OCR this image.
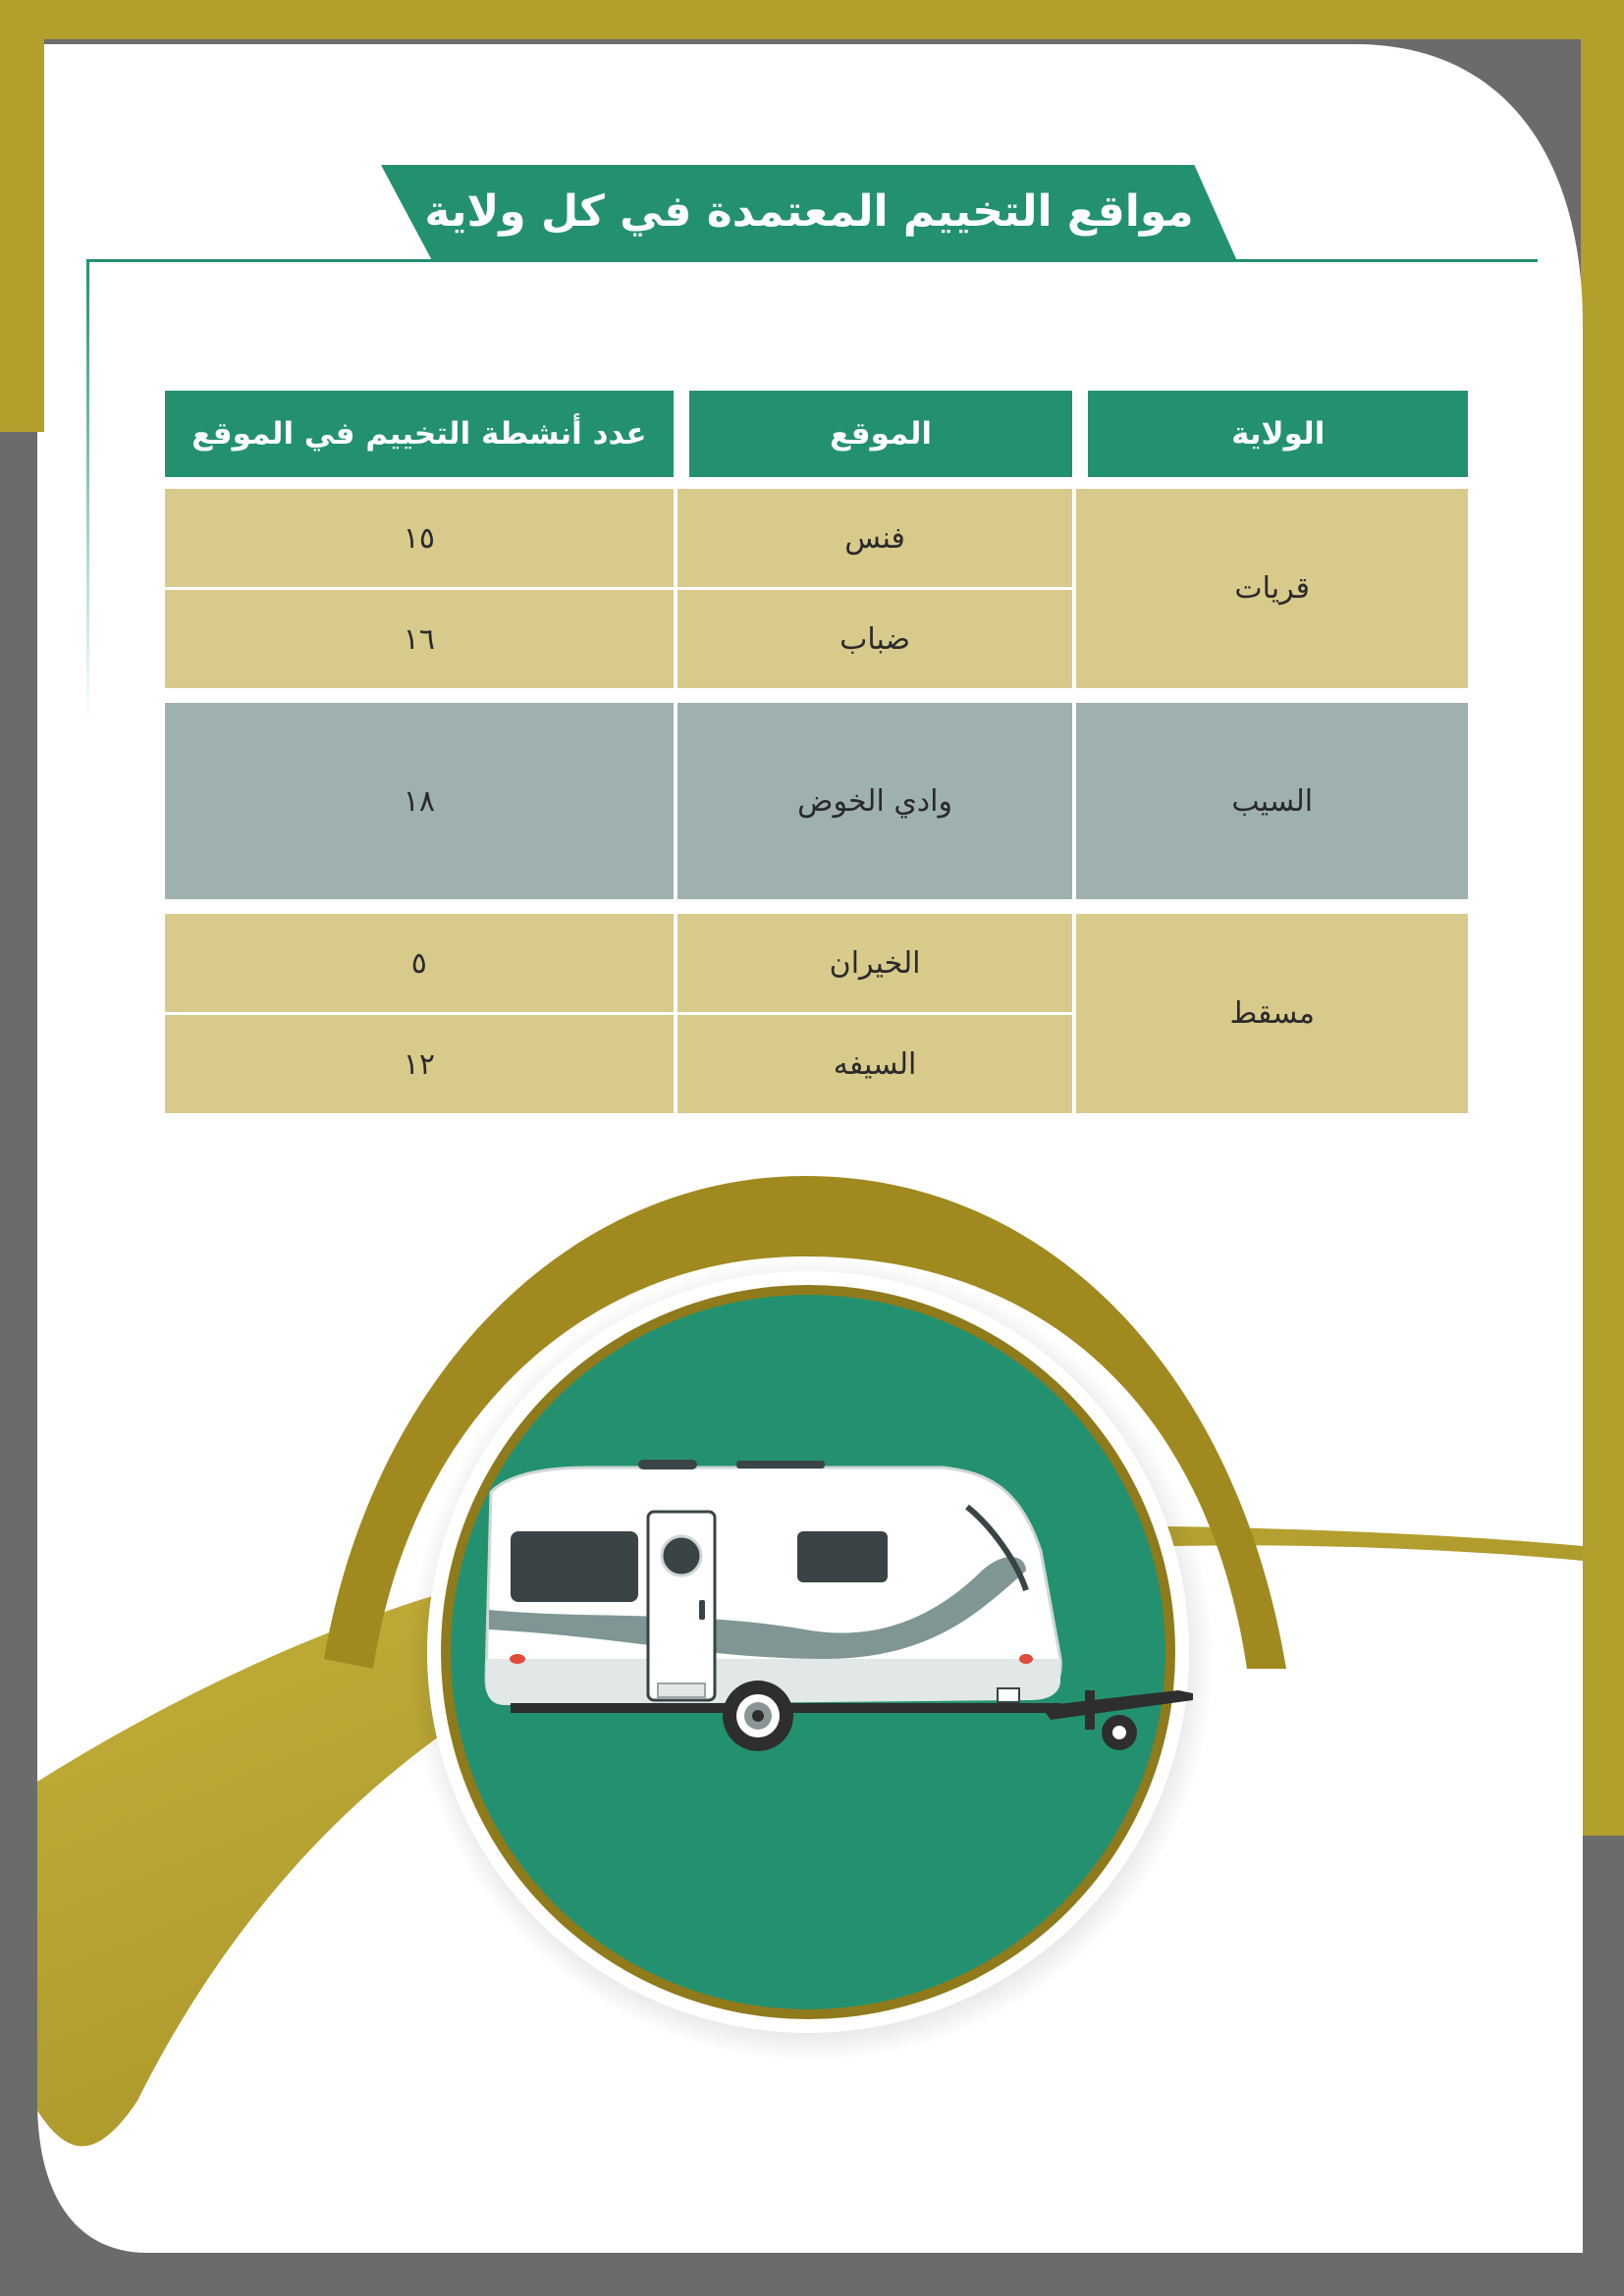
مواقع التخييم المعتمدة في كل ولاية
الولاية	الموقع	عدد أنشطة التخييم في الموقع

قريات	فنس	١٥
	ضباب	١٦

السيب	وادي الخوض	١٨

مسقط	الخيران	٥
	السيفه	١٢
